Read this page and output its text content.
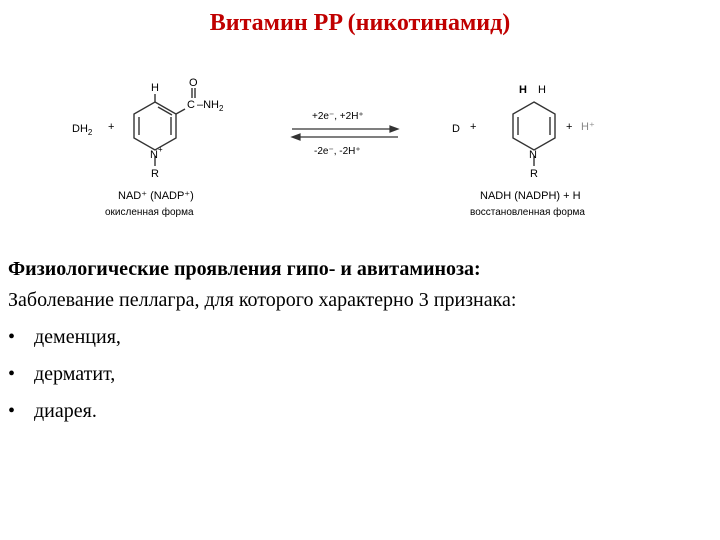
Витамин PP (никотинамид)
$DH_2$ +
H
C
O
$-NH_2$
N+
R
NAD⁺ (NADP⁺)
окисленная форма
+2e⁻, +2H⁺
-2e⁻, -2H⁺
D +
H H
N
R
+ H⁺
NADH (NADPH) + H
восстановленная форма
Физиологические проявления гипо- и авитаминоза:
Заболевание пеллагра, для которого характерно 3 признака:
• деменция,
• дерматит,
• диарея.
